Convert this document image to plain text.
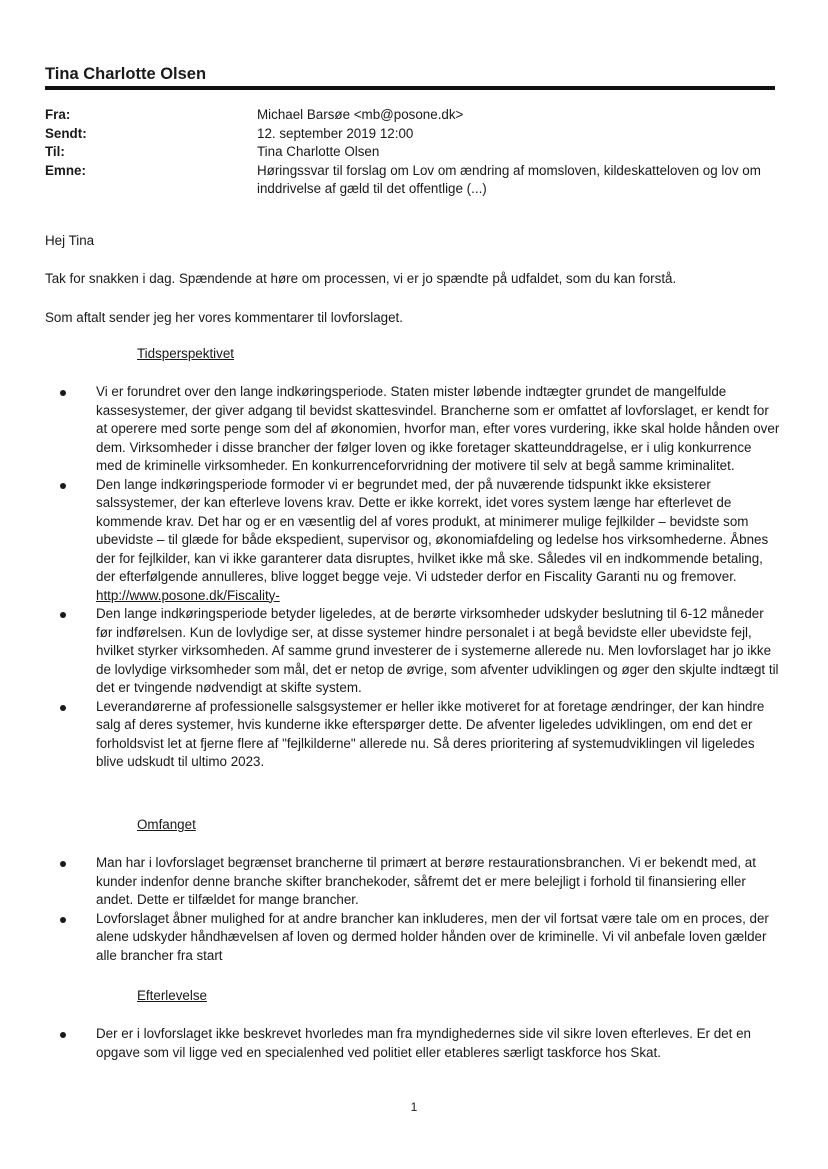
Tina Charlotte Olsen
Fra:	Michael Barsøe <mb@posone.dk>
Sendt:	12. september 2019 12:00
Til:	Tina Charlotte Olsen
Emne:	Høringssvar til forslag om Lov om ændring af momsloven, kildeskatteloven og lov om inddrivelse af gæld til det offentlige (...)

Hej Tina

Tak for snakken i dag. Spændende at høre om processen, vi er jo spændte på udfaldet, som du kan forstå.

Som aftalt sender jeg her vores kommentarer til lovforslaget.

Tidsperspektivet
Vi er forundret over den lange indkøringsperiode. Staten mister løbende indtægter grundet de mangelfulde kassesystemer, der giver adgang til bevidst skattesvindel. Brancherne som er omfattet af lovforslaget, er kendt for at operere med sorte penge som del af økonomien, hvorfor man, efter vores vurdering, ikke skal holde hånden over dem. Virksomheder i disse brancher der følger loven og ikke foretager skatteunddragelse, er i ulig konkurrence med de kriminelle virksomheder. En konkurrenceforvridning der motivere til selv at begå samme kriminalitet.
Den lange indkøringsperiode formoder vi er begrundet med, der på nuværende tidspunkt ikke eksisterer salssystemer, der kan efterleve lovens krav. Dette er ikke korrekt, idet vores system længe har efterlevet de kommende krav. Det har og er en væsentlig del af vores produkt, at minimerer mulige fejlkilder – bevidste som ubevidste – til glæde for både ekspedient, supervisor og, økonomiafdeling og ledelse hos virksomhederne. Åbnes der for fejlkilder, kan vi ikke garanterer data disruptes, hvilket ikke må ske. Således vil en indkommende betaling, der efterfølgende annulleres, blive logget begge veje. Vi udsteder derfor en Fiscality Garanti nu og fremover. http://www.posone.dk/Fiscality-
Den lange indkøringsperiode betyder ligeledes, at de berørte virksomheder udskyder beslutning til 6-12 måneder før indførelsen. Kun de lovlydige ser, at disse systemer hindre personalet i at begå bevidste eller ubevidste fejl, hvilket styrker virksomheden. Af samme grund investerer de i systemerne allerede nu. Men lovforslaget har jo ikke de lovlydige virksomheder som mål, det er netop de øvrige, som afventer udviklingen og øger den skjulte indtægt til det er tvingende nødvendigt at skifte system.
Leverandørerne af professionelle salsgsystemer er heller ikke motiveret for at foretage ændringer, der kan hindre salg af deres systemer, hvis kunderne ikke efterspørger dette. De afventer ligeledes udviklingen, om end det er forholdsvist let at fjerne flere af "fejlkilderne" allerede nu. Så deres prioritering af systemudviklingen vil ligeledes blive udskudt til ultimo 2023.
Omfanget
Man har i lovforslaget begrænset brancherne til primært at berøre restaurationsbranchen. Vi er bekendt med, at kunder indenfor denne branche skifter branchekoder, såfremt det er mere belejligt i forhold til finansiering eller andet. Dette er tilfældet for mange brancher.
Lovforslaget åbner mulighed for at andre brancher kan inkluderes, men der vil fortsat være tale om en proces, der alene udskyder håndhævelsen af loven og dermed holder hånden over de kriminelle. Vi vil anbefale loven gælder alle brancher fra start
Efterlevelse
Der er i lovforslaget ikke beskrevet hvorledes man fra myndighedernes side vil sikre loven efterleves. Er det en opgave som vil ligge ved en specialenhed ved politiet eller etableres særligt taskforce hos Skat.
1
